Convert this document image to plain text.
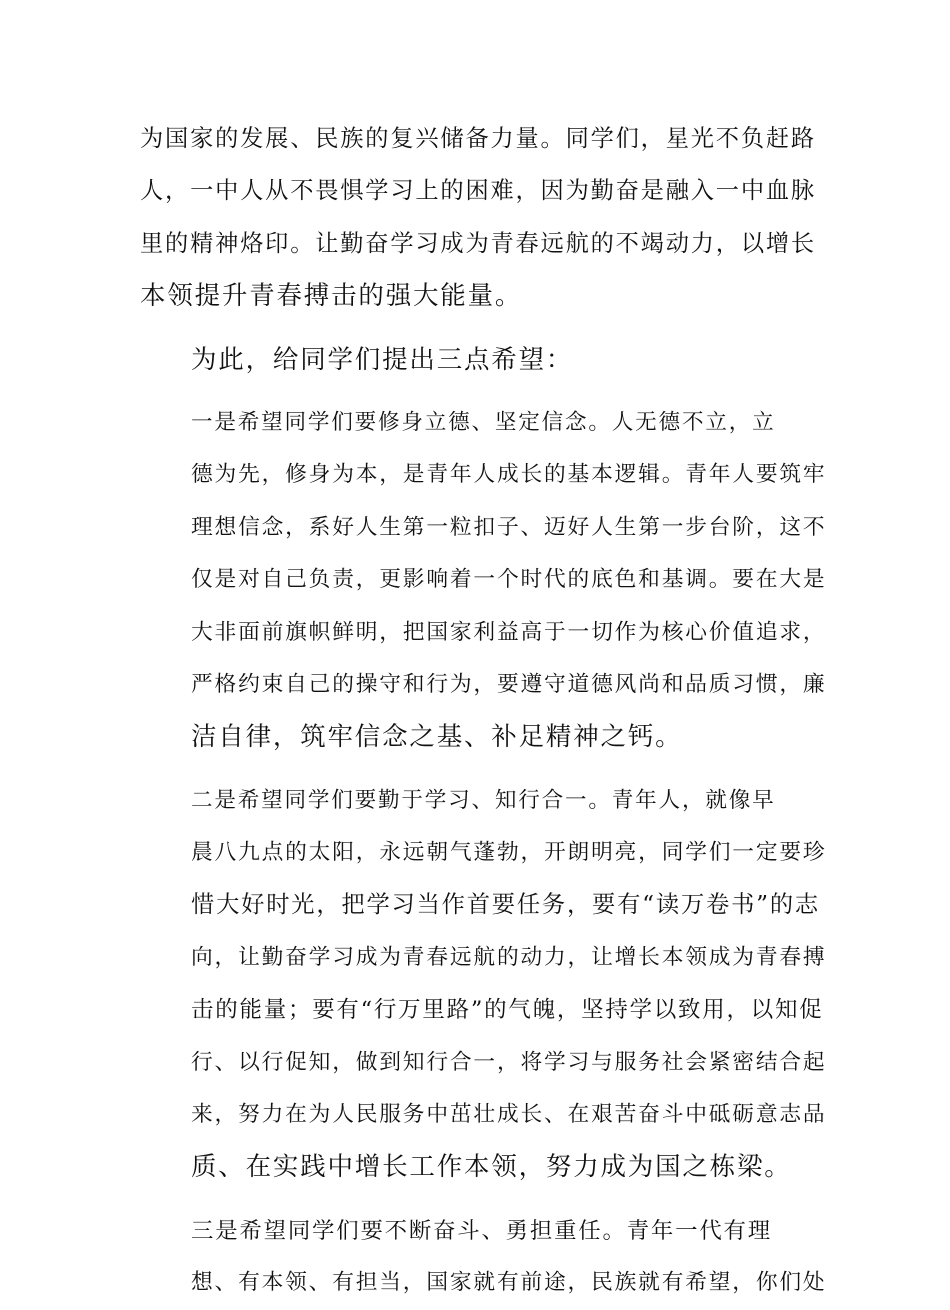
为国家的发展、民族的复兴储备力量。同学们，星光不负赶路
人，一中人从不畏惧学习上的困难，因为勤奋是融入一中血脉
里的精神烙印。让勤奋学习成为青春远航的不竭动力，以增长
本领提升青春搏击的强大能量。

为此，给同学们提出三点希望：

一是希望同学们要修身立德、坚定信念。人无德不立，立
德为先，修身为本，是青年人成长的基本逻辑。青年人要筑牢
理想信念，系好人生第一粒扣子、迈好人生第一步台阶，这不
仅是对自己负责，更影响着一个时代的底色和基调。要在大是
大非面前旗帜鲜明，把国家利益高于一切作为核心价值追求，
严格约束自己的操守和行为，要遵守道德风尚和品质习惯，廉
洁自律，筑牢信念之基、补足精神之钙。

二是希望同学们要勤于学习、知行合一。青年人，就像早
晨八九点的太阳，永远朝气蓬勃，开朗明亮，同学们一定要珍
惜大好时光，把学习当作首要任务，要有“读万卷书”的志
向，让勤奋学习成为青春远航的动力，让增长本领成为青春搏
击的能量；要有“行万里路”的气魄，坚持学以致用，以知促
行、以行促知，做到知行合一，将学习与服务社会紧密结合起
来，努力在为人民服务中茁壮成长、在艰苦奋斗中砥砺意志品
质、在实践中增长工作本领，努力成为国之栋梁。

三是希望同学们要不断奋斗、勇担重任。青年一代有理
想、有本领、有担当，国家就有前途，民族就有希望，你们处
